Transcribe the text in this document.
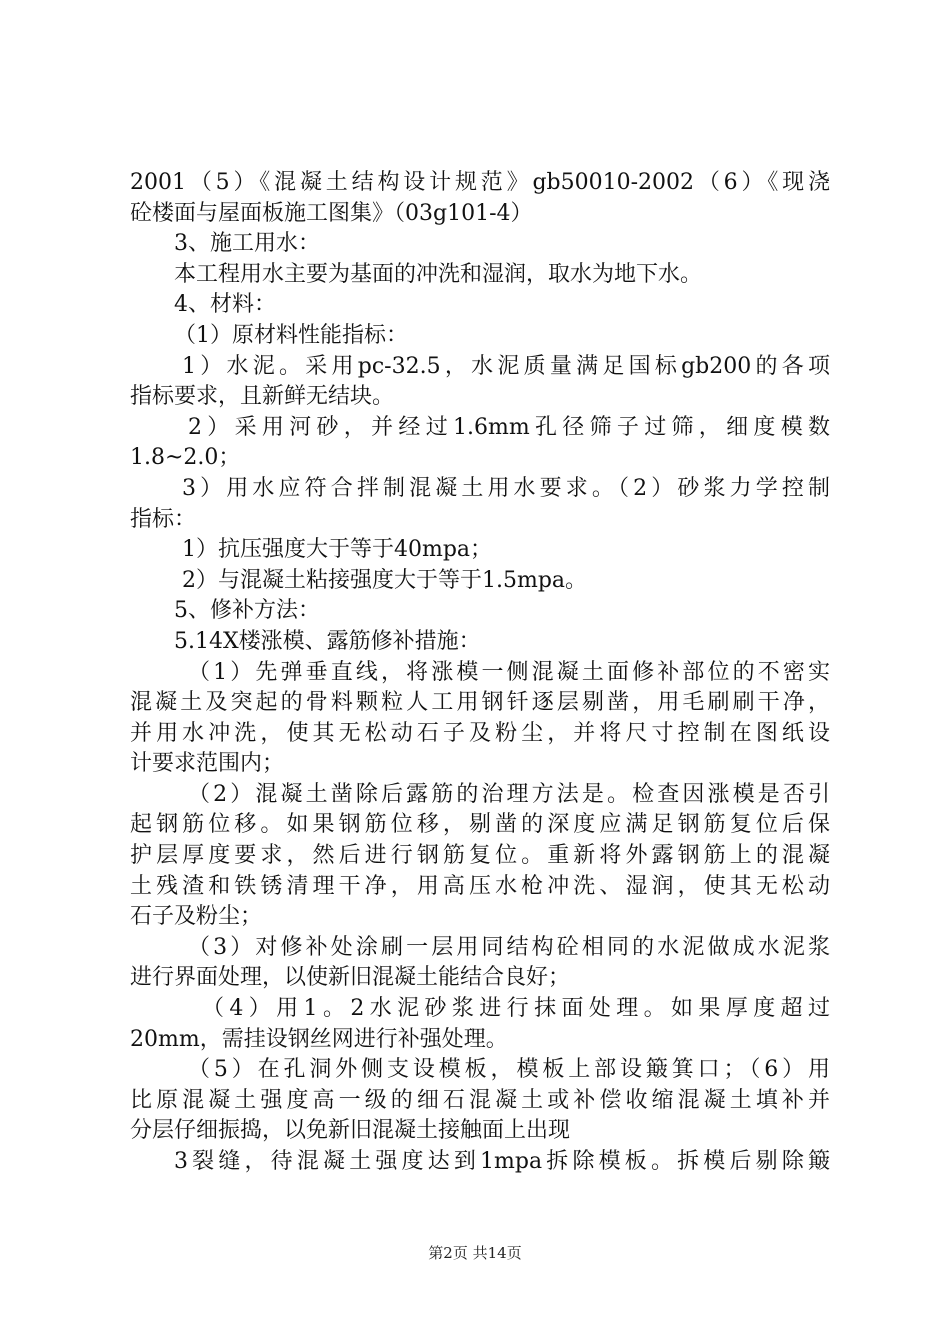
2001（5）《混凝土结构设计规范》gb50010-2002（6）《现浇
砼楼面与屋面板施工图集》（03g101-4）
3、施工用水：
本工程用水主要为基面的冲洗和湿润，取水为地下水。
4、材料：
（1）原材料性能指标：
1）水泥。采用pc-32.5，水泥质量满足国标gb200的各项
指标要求，且新鲜无结块。
2）采用河砂，并经过1.6mm孔径筛子过筛，细度模数
1.8~2.0；
3）用水应符合拌制混凝土用水要求。（2）砂浆力学控制
指标：
1）抗压强度大于等于40mpa；
2）与混凝土粘接强度大于等于1.5mpa。
5、修补方法：
5.14X楼涨模、露筋修补措施：
（1）先弹垂直线，将涨模一侧混凝土面修补部位的不密实
混凝土及突起的骨料颗粒人工用钢钎逐层剔凿，用毛刷刷干净，
并用水冲洗，使其无松动石子及粉尘，并将尺寸控制在图纸设
计要求范围内；
（2）混凝土凿除后露筋的治理方法是。检查因涨模是否引
起钢筋位移。如果钢筋位移，剔凿的深度应满足钢筋复位后保
护层厚度要求，然后进行钢筋复位。重新将外露钢筋上的混凝
土残渣和铁锈清理干净，用高压水枪冲洗、湿润，使其无松动
石子及粉尘；
（3）对修补处涂刷一层用同结构砼相同的水泥做成水泥浆
进行界面处理，以使新旧混凝土能结合良好；
（4）用1。2水泥砂浆进行抹面处理。如果厚度超过
20mm，需挂设钢丝网进行补强处理。
（5）在孔洞外侧支设模板，模板上部设簸箕口；（6）用
比原混凝土强度高一级的细石混凝土或补偿收缩混凝土填补并
分层仔细振捣，以免新旧混凝土接触面上出现
3裂缝，待混凝土强度达到1mpa拆除模板。拆模后剔除簸
第2页 共14页
